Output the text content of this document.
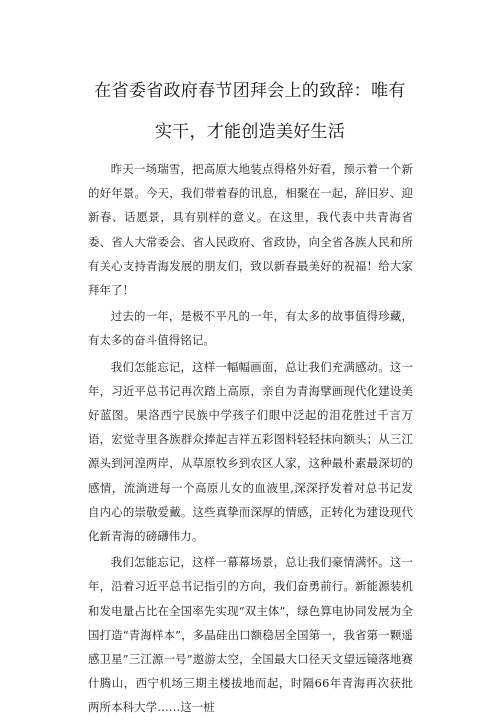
在省委省政府春节团拜会上的致辞：唯有
实干，才能创造美好生活

昨天一场瑞雪，把高原大地装点得格外好看，预示着一个新的好年景。今天，我们带着春的讯息，相聚在一起，辞旧岁、迎新春、话愿景，具有别样的意义。在这里，我代表中共青海省委、省人大常委会、省人民政府、省政协，向全省各族人民和所有关心支持青海发展的朋友们，致以新春最美好的祝福！给大家拜年了！

过去的一年，是极不平凡的一年，有太多的故事值得珍藏，有太多的奋斗值得铭记。

我们怎能忘记，这样一幅幅画面，总让我们充满感动。这一年，习近平总书记再次踏上高原，亲自为青海擘画现代化建设美好蓝图。果洛西宁民族中学孩子们眼中泛起的泪花胜过千言万语，宏觉寺里各族群众捧起吉祥五彩图料轻轻抹向额头；从三江源头到河湟两岸，从草原牧乡到农区人家，这种最朴素最深切的感情，流淌进每一个高原儿女的血液里,深深抒发着对总书记发自内心的崇敬爱戴。这些真挚而深厚的情感，正转化为建设现代化新青海的磅礴伟力。

我们怎能忘记，这样一幕幕场景，总让我们豪情满怀。这一年，沿着习近平总书记指引的方向，我们奋勇前行。新能源装机和发电量占比在全国率先实现“双主体”，绿色算电协同发展为全国打造“青海样本”，多晶硅出口额稳居全国第一，我省第一颗遥感卫星”三江源一号”遨游太空，全国最大口径天文望远镜落地赛什腾山，西宁机场三期主楼拔地而起，时隔66年青海再次获批两所本科大学……这一桩
